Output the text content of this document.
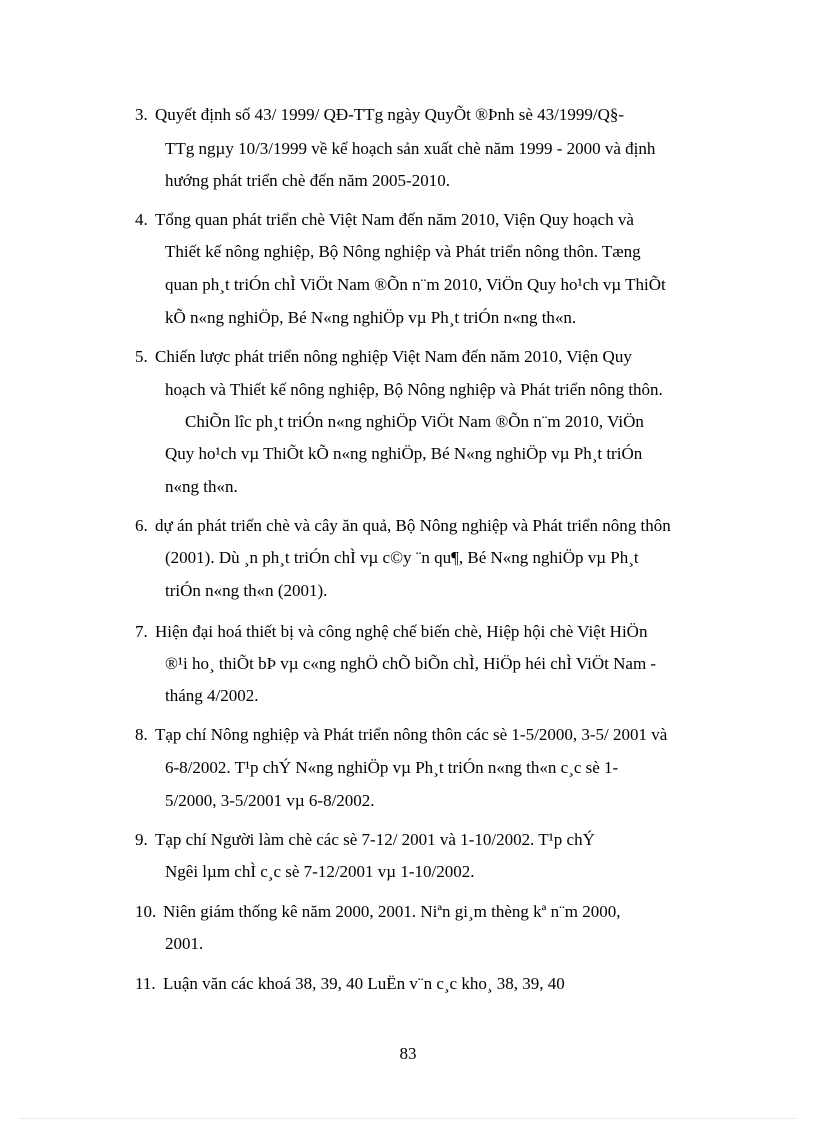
3. Quyết định số 43/ 1999/ QĐ-TTg ngày QuyÕt ®Þnh sè 43/1999/Q§-
TTg ngµy 10/3/1999 về kế hoạch sản xuất chè năm 1999 - 2000 và định
hướng phát triển chè đến năm 2005-2010.
4. Tổng quan phát triển chè Việt Nam đến năm 2010, Viện Quy hoạch và
Thiết kế nông nghiệp, Bộ Nông nghiệp và Phát triển nông thôn. Tæng
quan ph¸t triÓn chÌ ViÖt Nam ®Õn n¨m 2010, ViÖn Quy ho¹ch vµ ThiÕt
kÕ n«ng nghiÖp, Bé N«ng nghiÖp vµ Ph¸t triÓn n«ng th«n.
5. Chiến lược phát triển nông nghiệp Việt Nam đến năm 2010, Viện Quy
hoạch và Thiết kế nông nghiệp, Bộ Nông nghiệp và Phát triển nông thôn.
ChiÕn lîc ph¸t triÓn n«ng nghiÖp ViÖt Nam ®Õn n¨m 2010, ViÖn
Quy ho¹ch vµ ThiÕt kÕ n«ng nghiÖp, Bé N«ng nghiÖp vµ Ph¸t triÓn
n«ng th«n.
6. dự án phát triển chè và cây ăn quả, Bộ Nông nghiệp và Phát triển nông thôn
(2001). Dù ¸n ph¸t triÓn chÌ vµ c©y ¨n qu¶, Bé N«ng nghiÖp vµ Ph¸t
triÓn n«ng th«n (2001).
7. Hiện đại hoá thiết bị và công nghệ chế biến chè, Hiệp hội chè Việt HiÖn
®¹i ho¸ thiÕt bÞ vµ c«ng nghÖ chÕ biÕn chÌ, HiÖp héi chÌ ViÖt Nam -
tháng 4/2002.
8. Tạp chí Nông nghiệp và Phát triển nông thôn các sè 1-5/2000, 3-5/ 2001 và
6-8/2002. T¹p chÝ N«ng nghiÖp vµ Ph¸t triÓn n«ng th«n c¸c sè 1-
5/2000, 3-5/2001 vµ 6-8/2002.
9. Tạp chí Người làm chè các sè 7-12/ 2001 và 1-10/2002. T¹p chÝ
Ngêi lµm chÌ c¸c sè 7-12/2001 vµ 1-10/2002.
10. Niên giám thống kê năm 2000, 2001. Niªn gi¸m thèng kª n¨m 2000,
2001.
11. Luận văn các khoá 38, 39, 40 LuËn v¨n c¸c kho¸ 38, 39, 40
83
